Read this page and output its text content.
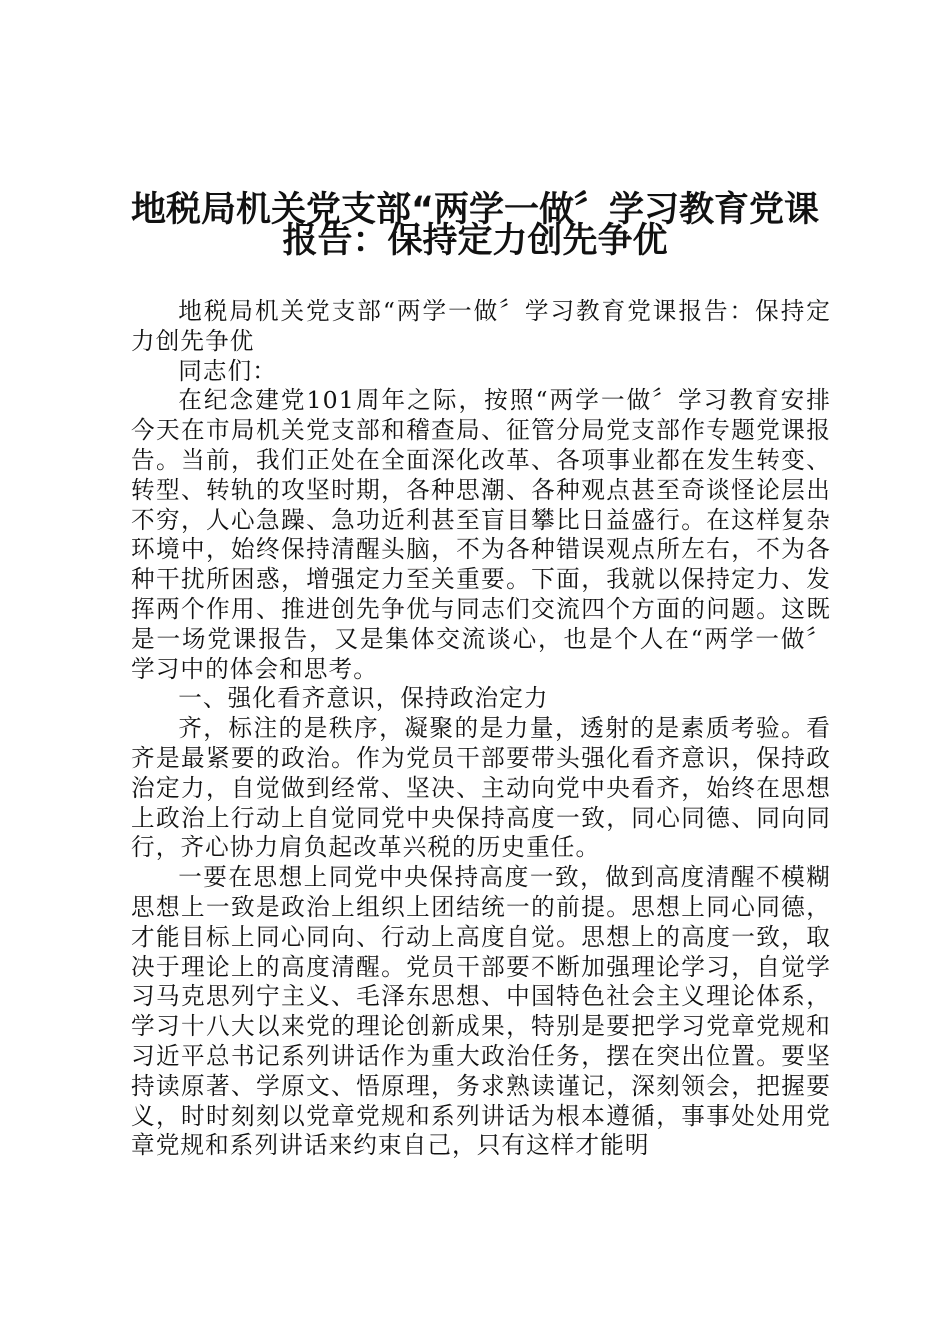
地税局机关党支部“两学一做〞学习教育党课
报告：保持定力创先争优

地税局机关党支部“两学一做〞学习教育党课报告：保持定力创先争优

同志们：

在纪念建党101周年之际，按照“两学一做〞学习教育安排今天在市局机关党支部和稽查局、征管分局党支部作专题党课报告。当前，我们正处在全面深化改革、各项事业都在发生转变、转型、转轨的攻坚时期，各种思潮、各种观点甚至奇谈怪论层出不穷，人心急躁、急功近利甚至盲目攀比日益盛行。在这样复杂环境中，始终保持清醒头脑，不为各种错误观点所左右，不为各种干扰所困惑，增强定力至关重要。下面，我就以保持定力、发挥两个作用、推进创先争优与同志们交流四个方面的问题。这既是一场党课报告，又是集体交流谈心，也是个人在“两学一做〞学习中的体会和思考。

一、强化看齐意识，保持政治定力

齐，标注的是秩序，凝聚的是力量，透射的是素质考验。看齐是最紧要的政治。作为党员干部要带头强化看齐意识，保持政治定力，自觉做到经常、坚决、主动向党中央看齐，始终在思想上政治上行动上自觉同党中央保持高度一致，同心同德、同向同行，齐心协力肩负起改革兴税的历史重任。

一要在思想上同党中央保持高度一致，做到高度清醒不模糊思想上一致是政治上组织上团结统一的前提。思想上同心同德，才能目标上同心同向、行动上高度自觉。思想上的高度一致，取决于理论上的高度清醒。党员干部要不断加强理论学习，自觉学习马克思列宁主义、毛泽东思想、中国特色社会主义理论体系，学习十八大以来党的理论创新成果，特别是要把学习党章党规和习近平总书记系列讲话作为重大政治任务，摆在突出位置。要坚持读原著、学原文、悟原理，务求熟读谨记，深刻领会，把握要义，时时刻刻以党章党规和系列讲话为根本遵循，事事处处用党章党规和系列讲话来约束自己，只有这样才能明
